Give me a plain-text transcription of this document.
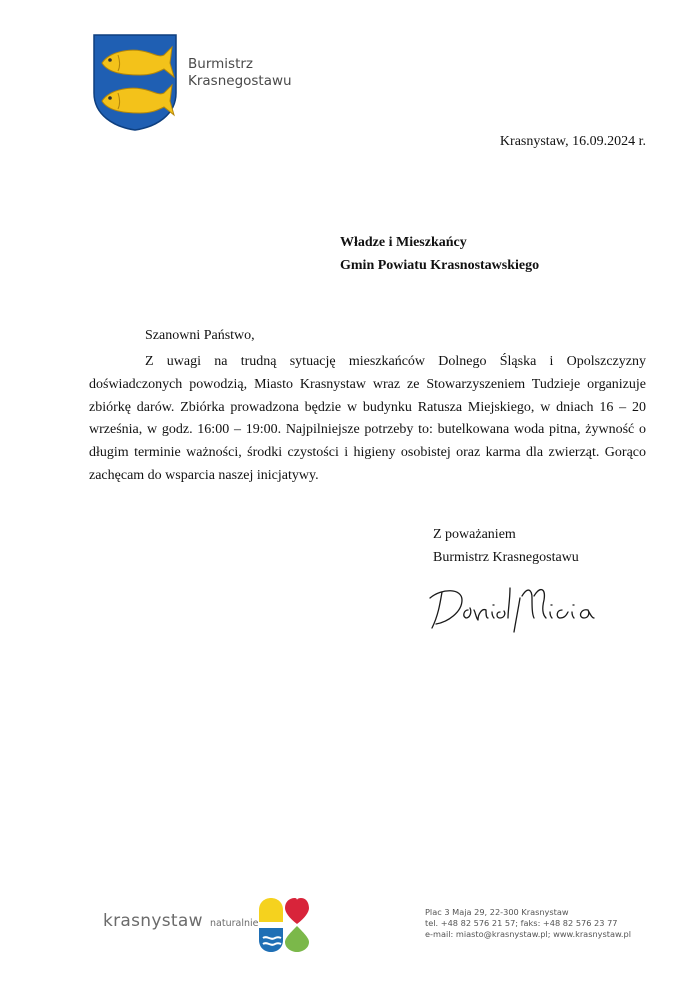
Burmistrz
Krasnegostawu
Krasnystaw, 16.09.2024 r.
Władze i Mieszkańcy
Gmin Powiatu Krasnostawskiego
Szanowni Państwo,

Z uwagi na trudną sytuację mieszkańców Dolnego Śląska i Opolszczyzny doświadczonych powodzią, Miasto Krasnystaw wraz ze Stowarzyszeniem Tudzieje organizuje zbiórkę darów. Zbiórka prowadzona będzie w budynku Ratusza Miejskiego, w dniach 16 – 20 września, w godz. 16:00 – 19:00. Najpilniejsze potrzeby to: butelkowana woda pitna, żywność o długim terminie ważności, środki czystości i higieny osobistej oraz karma dla zwierząt. Gorąco zachęcam do wsparcia naszej inicjatywy.

Z poważaniem
Burmistrz Krasnegostawu
krasnystaw naturalnie
Plac 3 Maja 29, 22-300 Krasnystaw
tel. +48 82 576 21 57; faks: +48 82 576 23 77
e-mail: miasto@krasnystaw.pl; www.krasnystaw.pl
